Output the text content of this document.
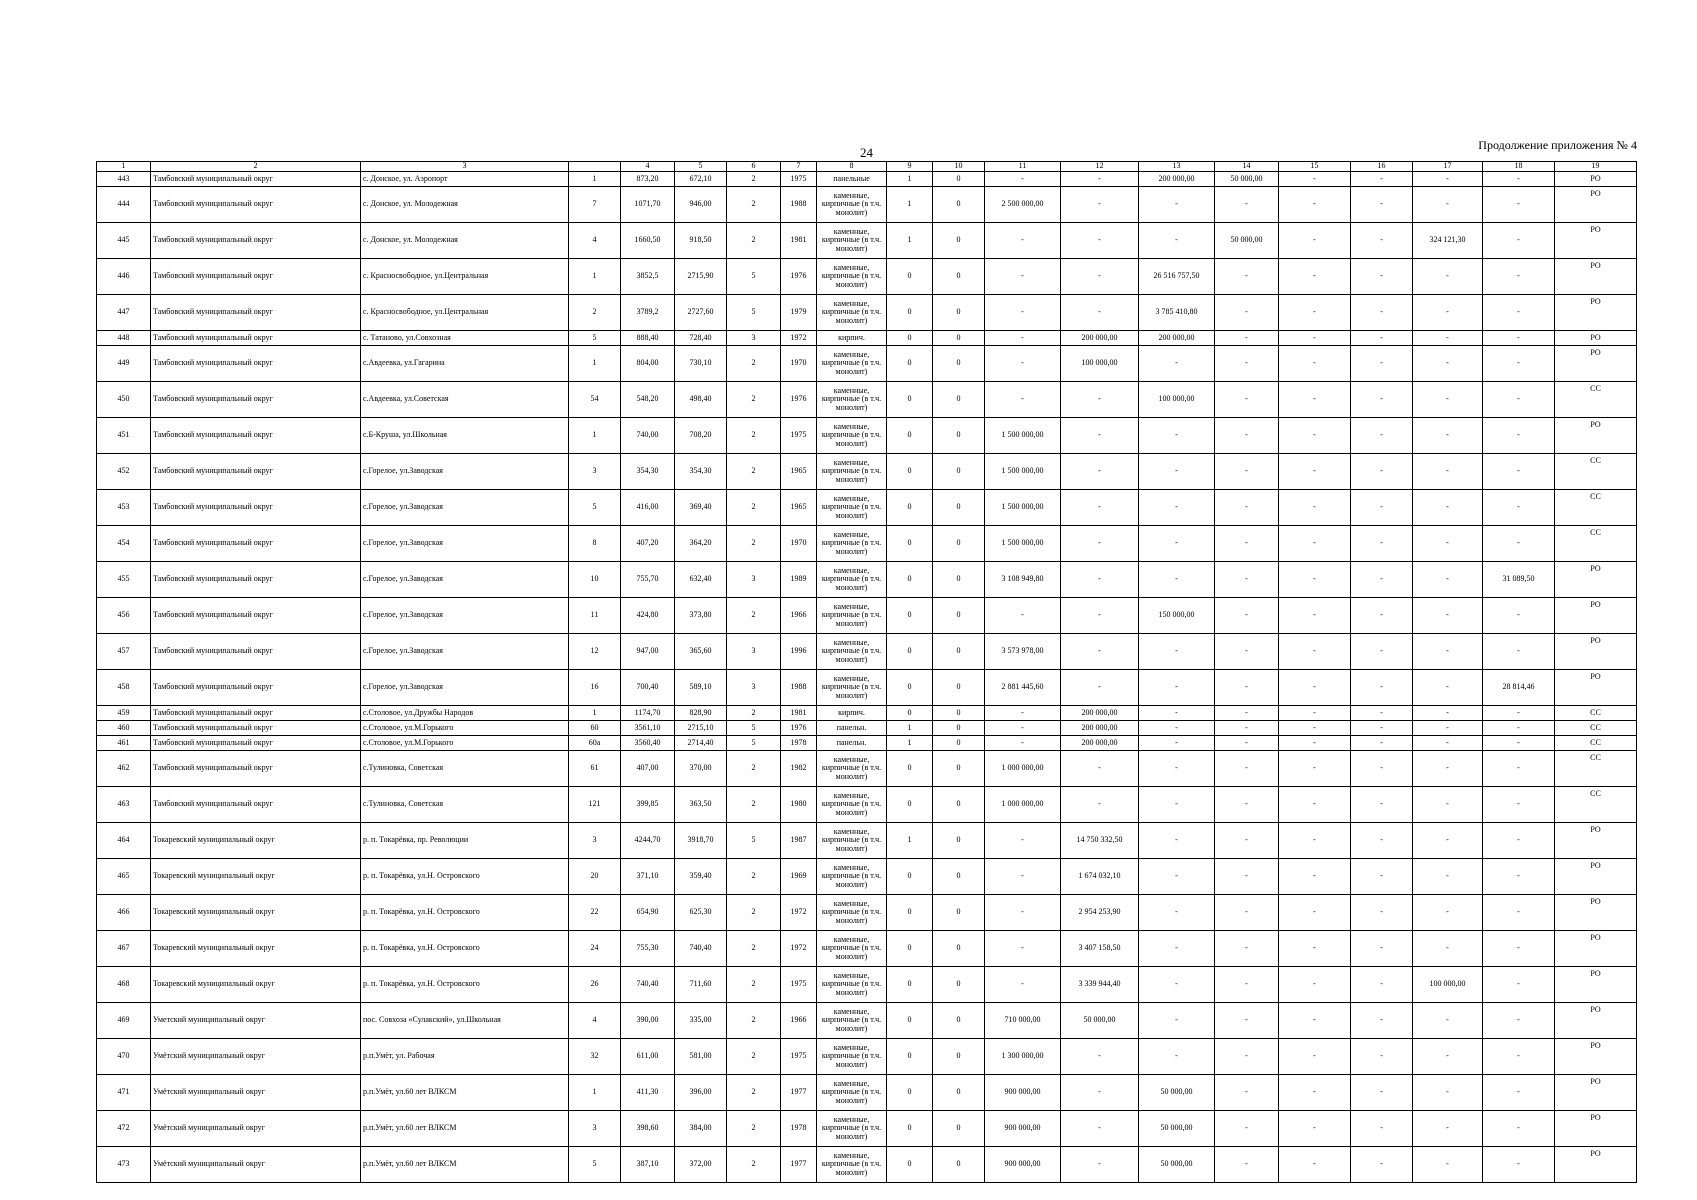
24	Продолжение приложения № 4
1	2	3		4	5	6	7	8	9	10	11	12	13	14	15	16	17	18	19
443	Тамбовский муниципальный округ	с. Донское, ул. Аэропорт	1	873,20	672,10	2	1975	панельные	1	0	-	-	200 000,00	50 000,00	-	-	-	-	РО
444	Тамбовский муниципальный округ	с. Донское, ул. Молодежная	7	1071,70	946,00	2	1988	каменные, кирпичные (в т.ч. монолит)	1	0	2 500 000,00	-	-	-	-	-	-	-	РО
445	Тамбовский муниципальный округ	с. Донское, ул. Молодежная	4	1660,50	918,50	2	1981	каменные, кирпичные (в т.ч. монолит)	1	0	-	-	-	50 000,00	-	-	324 121,30	-	РО
446	Тамбовский муниципальный округ	с. Красносвободное, ул.Центральная	1	3852,5	2715,90	5	1976	каменные, кирпичные (в т.ч. монолит)	0	0	-	-	26 516 757,50	-	-	-	-	-	РО
447	Тамбовский муниципальный округ	с. Красносвободное, ул.Центральная	2	3789,2	2727,60	5	1979	каменные, кирпичные (в т.ч. монолит)	0	0	-	-	3 785 410,80	-	-	-	-	-	РО
448	Тамбовский муниципальный округ	с. Татаново, ул.Совхозная	5	888,40	728,40	3	1972	кирпич.	0	0	-	200 000,00	200 000,00	-	-	-	-	-	РО
449	Тамбовский муниципальный округ	с.Авдеевка, ул.Гагарина	1	804,00	730,10	2	1970	каменные, кирпичные (в т.ч. монолит)	0	0	-	100 000,00	-	-	-	-	-	-	РО
450	Тамбовский муниципальный округ	с.Авдеевка, ул.Советская	54	548,20	498,40	2	1976	каменные, кирпичные (в т.ч. монолит)	0	0	-	-	100 000,00	-	-	-	-	-	СС
451	Тамбовский муниципальный округ	с.Б-Круша, ул.Школьная	1	740,00	708,20	2	1975	каменные, кирпичные (в т.ч. монолит)	0	0	1 500 000,00	-	-	-	-	-	-	-	РО
452	Тамбовский муниципальный округ	с.Горелое, ул.Заводская	3	354,30	354,30	2	1965	каменные, кирпичные (в т.ч. монолит)	0	0	1 500 000,00	-	-	-	-	-	-	-	СС
453	Тамбовский муниципальный округ	с.Горелое, ул.Заводская	5	416,00	369,40	2	1965	каменные, кирпичные (в т.ч. монолит)	0	0	1 500 000,00	-	-	-	-	-	-	-	СС
454	Тамбовский муниципальный округ	с.Горелое, ул.Заводская	8	407,20	364,20	2	1970	каменные, кирпичные (в т.ч. монолит)	0	0	1 500 000,00	-	-	-	-	-	-	-	СС
455	Тамбовский муниципальный округ	с.Горелое, ул.Заводская	10	755,70	632,40	3	1989	каменные, кирпичные (в т.ч. монолит)	0	0	3 108 949,80	-	-	-	-	-	-	31 089,50	РО
456	Тамбовский муниципальный округ	с.Горелое, ул.Заводская	11	424,80	373,80	2	1966	каменные, кирпичные (в т.ч. монолит)	0	0	-	-	150 000,00	-	-	-	-	-	РО
457	Тамбовский муниципальный округ	с.Горелое, ул.Заводская	12	947,00	365,60	3	1996	каменные, кирпичные (в т.ч. монолит)	0	0	3 573 978,00	-	-	-	-	-	-	-	РО
458	Тамбовский муниципальный округ	с.Горелое, ул.Заводская	16	700,40	589,10	3	1988	каменные, кирпичные (в т.ч. монолит)	0	0	2 881 445,60	-	-	-	-	-	-	28 814,46	РО
459	Тамбовский муниципальный округ	с.Столовое, ул.Дружбы Народов	1	1174,70	828,90	2	1981	кирпич.	0	0	-	200 000,00	-	-	-	-	-	-	СС
460	Тамбовский муниципальный округ	с.Столовое, ул.М.Горького	60	3561,10	2715,10	5	1976	панельн.	1	0	-	200 000,00	-	-	-	-	-	-	СС
461	Тамбовский муниципальный округ	с.Столовое, ул.М.Горького	60а	3560,40	2714,40	5	1978	панельн.	1	0	-	200 000,00	-	-	-	-	-	-	СС
462	Тамбовский муниципальный округ	с.Тулиновка, Советская	61	407,00	370,00	2	1982	каменные, кирпичные (в т.ч. монолит)	0	0	1 000 000,00	-	-	-	-	-	-	-	СС
463	Тамбовский муниципальный округ	с.Тулиновка, Советская	121	399,85	363,50	2	1980	каменные, кирпичные (в т.ч. монолит)	0	0	1 000 000,00	-	-	-	-	-	-	-	СС
464	Токаревский муниципальный округ	р. п. Токарёвка, пр. Революции	3	4244,70	3918,70	5	1987	каменные, кирпичные (в т.ч. монолит)	1	0	-	14 750 332,50	-	-	-	-	-	-	РО
465	Токаревский муниципальный округ	р. п. Токарёвка, ул.Н. Островского	20	371,10	359,40	2	1969	каменные, кирпичные (в т.ч. монолит)	0	0	-	1 674 032,10	-	-	-	-	-	-	РО
466	Токаревский муниципальный округ	р. п. Токарёвка, ул.Н. Островского	22	654,90	625,30	2	1972	каменные, кирпичные (в т.ч. монолит)	0	0	-	2 954 253,90	-	-	-	-	-	-	РО
467	Токаревский муниципальный округ	р. п. Токарёвка, ул.Н. Островского	24	755,30	740,40	2	1972	каменные, кирпичные (в т.ч. монолит)	0	0	-	3 407 158,50	-	-	-	-	-	-	РО
468	Токаревский муниципальный округ	р. п. Токарёвка, ул.Н. Островского	26	740,40	711,60	2	1975	каменные, кирпичные (в т.ч. монолит)	0	0	-	3 339 944,40	-	-	-	-	100 000,00	-	РО
469	Уметский муниципальный округ	пос. Совхоза «Сулакский», ул.Школьная	4	390,00	335,00	2	1966	каменные, кирпичные (в т.ч. монолит)	0	0	710 000,00	50 000,00	-	-	-	-	-	-	РО
470	Умётский муниципальный округ	р.п.Умёт, ул. Рабочая	32	611,00	581,00	2	1975	каменные, кирпичные (в т.ч. монолит)	0	0	1 300 000,00	-	-	-	-	-	-	-	РО
471	Умётский муниципальный округ	р.п.Умёт, ул.60 лет ВЛКСМ	1	411,30	396,00	2	1977	каменные, кирпичные (в т.ч. монолит)	0	0	900 000,00	-	50 000,00	-	-	-	-	-	РО
472	Умётский муниципальный округ	р.п.Умёт, ул.60 лет ВЛКСМ	3	398,60	384,00	2	1978	каменные, кирпичные (в т.ч. монолит)	0	0	900 000,00	-	50 000,00	-	-	-	-	-	РО
473	Умётский муниципальный округ	р.п.Умёт, ул.60 лет ВЛКСМ	5	387,10	372,00	2	1977	каменные, кирпичные (в т.ч. монолит)	0	0	900 000,00	-	50 000,00	-	-	-	-	-	РО
